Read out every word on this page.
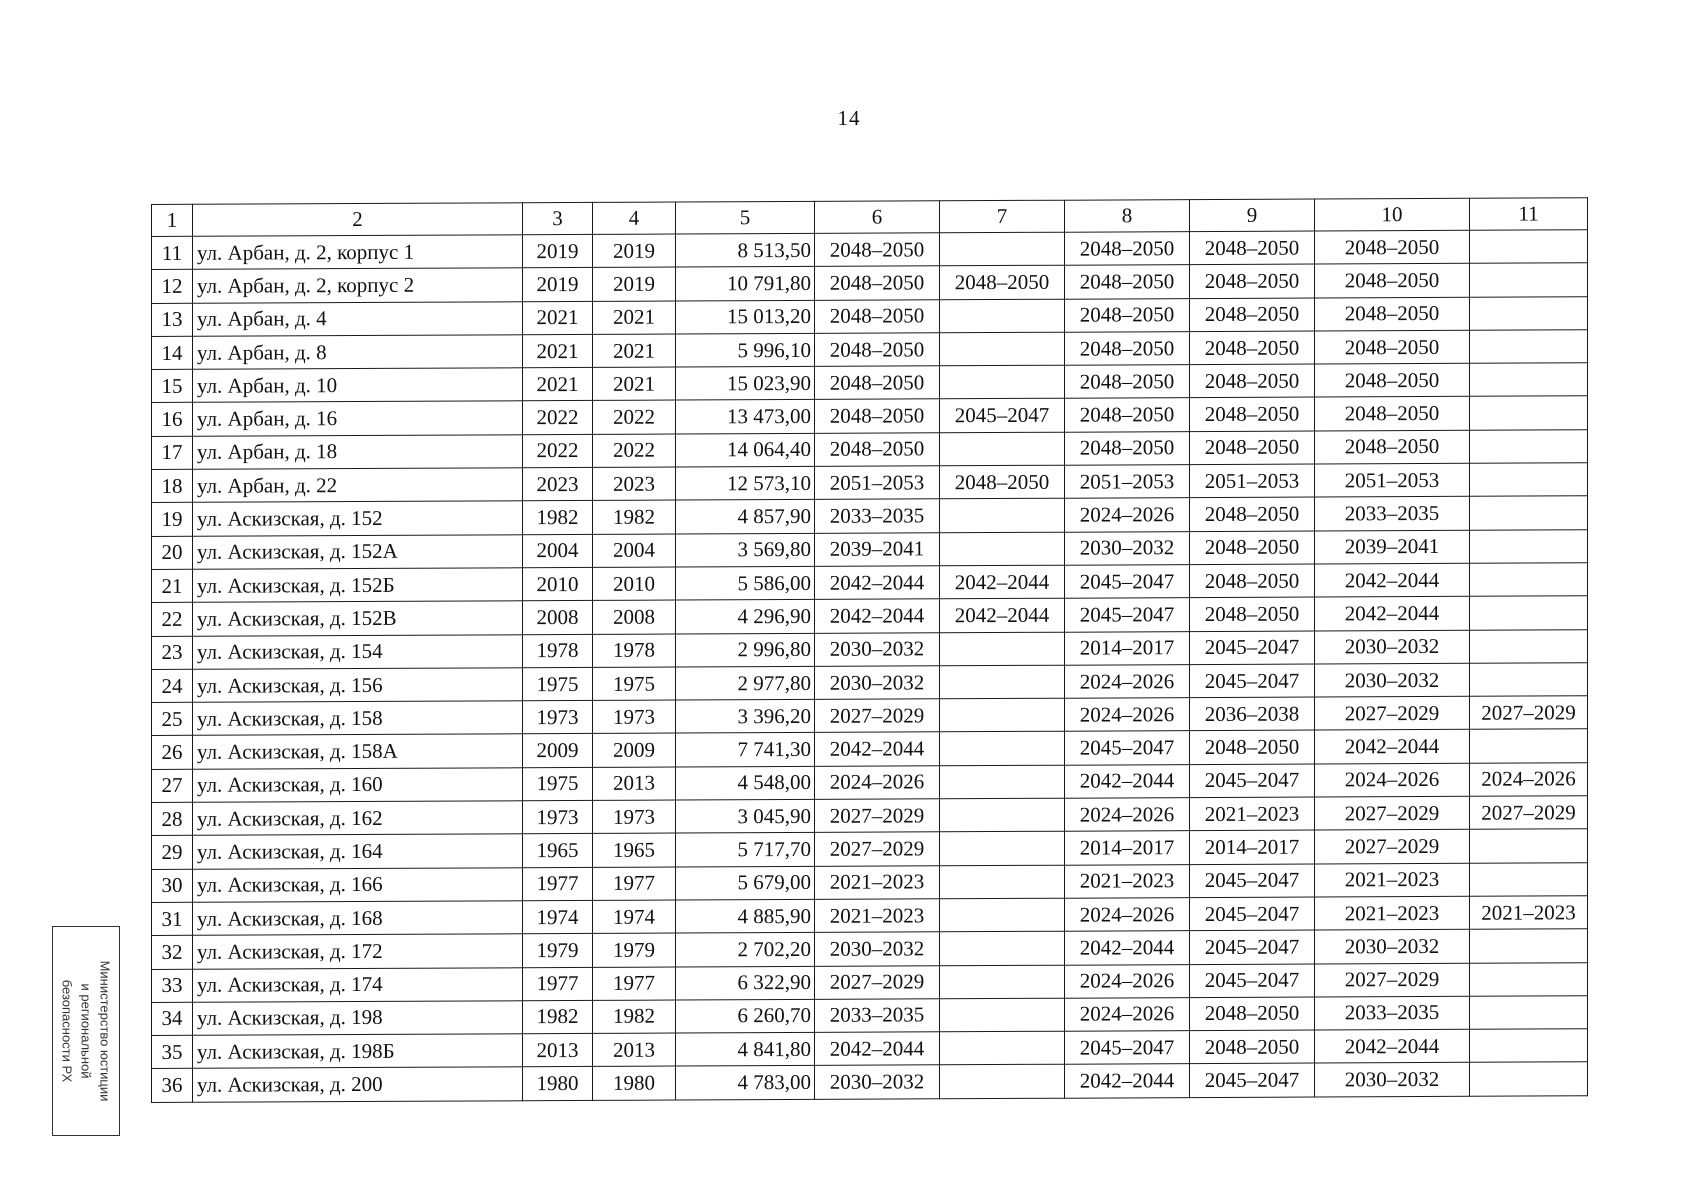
14
1	2	3	4	5	6	7	8	9	10	11
11	ул. Арбан, д. 2, корпус 1	2019	2019	8 513,50	2048–2050		2048–2050	2048–2050	2048–2050	
12	ул. Арбан, д. 2, корпус 2	2019	2019	10 791,80	2048–2050	2048–2050	2048–2050	2048–2050	2048–2050	
13	ул. Арбан, д. 4	2021	2021	15 013,20	2048–2050		2048–2050	2048–2050	2048–2050	
14	ул. Арбан, д. 8	2021	2021	5 996,10	2048–2050		2048–2050	2048–2050	2048–2050	
15	ул. Арбан, д. 10	2021	2021	15 023,90	2048–2050		2048–2050	2048–2050	2048–2050	
16	ул. Арбан, д. 16	2022	2022	13 473,00	2048–2050	2045–2047	2048–2050	2048–2050	2048–2050	
17	ул. Арбан, д. 18	2022	2022	14 064,40	2048–2050		2048–2050	2048–2050	2048–2050	
18	ул. Арбан, д. 22	2023	2023	12 573,10	2051–2053	2048–2050	2051–2053	2051–2053	2051–2053	
19	ул. Аскизская, д. 152	1982	1982	4 857,90	2033–2035		2024–2026	2048–2050	2033–2035	
20	ул. Аскизская, д. 152А	2004	2004	3 569,80	2039–2041		2030–2032	2048–2050	2039–2041	
21	ул. Аскизская, д. 152Б	2010	2010	5 586,00	2042–2044	2042–2044	2045–2047	2048–2050	2042–2044	
22	ул. Аскизская, д. 152В	2008	2008	4 296,90	2042–2044	2042–2044	2045–2047	2048–2050	2042–2044	
23	ул. Аскизская, д. 154	1978	1978	2 996,80	2030–2032		2014–2017	2045–2047	2030–2032	
24	ул. Аскизская, д. 156	1975	1975	2 977,80	2030–2032		2024–2026	2045–2047	2030–2032	
25	ул. Аскизская, д. 158	1973	1973	3 396,20	2027–2029		2024–2026	2036–2038	2027–2029	2027–2029
26	ул. Аскизская, д. 158А	2009	2009	7 741,30	2042–2044		2045–2047	2048–2050	2042–2044	
27	ул. Аскизская, д. 160	1975	2013	4 548,00	2024–2026		2042–2044	2045–2047	2024–2026	2024–2026
28	ул. Аскизская, д. 162	1973	1973	3 045,90	2027–2029		2024–2026	2021–2023	2027–2029	2027–2029
29	ул. Аскизская, д. 164	1965	1965	5 717,70	2027–2029		2014–2017	2014–2017	2027–2029	
30	ул. Аскизская, д. 166	1977	1977	5 679,00	2021–2023		2021–2023	2045–2047	2021–2023	
31	ул. Аскизская, д. 168	1974	1974	4 885,90	2021–2023		2024–2026	2045–2047	2021–2023	2021–2023
32	ул. Аскизская, д. 172	1979	1979	2 702,20	2030–2032		2042–2044	2045–2047	2030–2032	
33	ул. Аскизская, д. 174	1977	1977	6 322,90	2027–2029		2024–2026	2045–2047	2027–2029	
34	ул. Аскизская, д. 198	1982	1982	6 260,70	2033–2035		2024–2026	2048–2050	2033–2035	
35	ул. Аскизская, д. 198Б	2013	2013	4 841,80	2042–2044		2045–2047	2048–2050	2042–2044	
36	ул. Аскизская, д. 200	1980	1980	4 783,00	2030–2032		2042–2044	2045–2047	2030–2032	
Министерство юстиции
и региональной
безопасности РХ
